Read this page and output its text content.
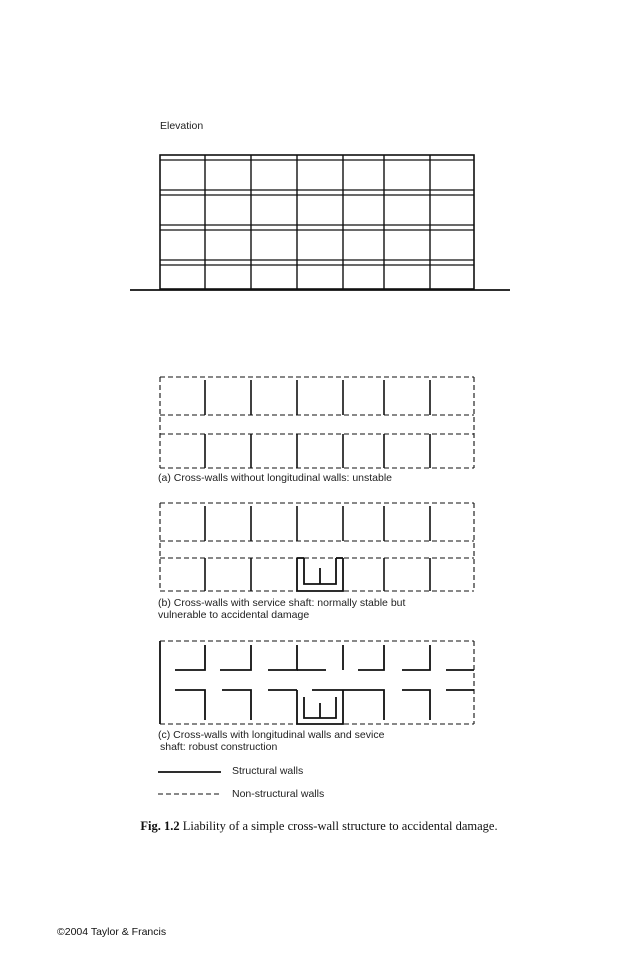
Elevation
(a) Cross-walls without longitudinal walls: unstable
(b) Cross-walls with service shaft: normally stable but
vulnerable to accidental damage
(c) Cross-walls with longitudinal walls and sevice
shaft: robust construction
Structural walls
Non-structural walls
Fig. 1.2 Liability of a simple cross-wall structure to accidental damage.
©2004 Taylor & Francis
